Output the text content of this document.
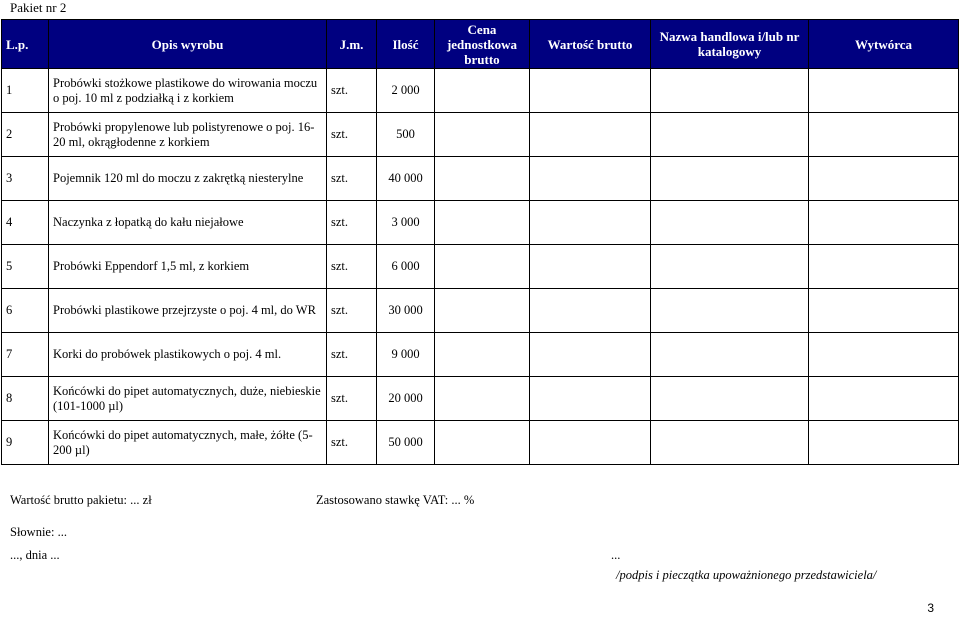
Pakiet nr 2
L.p.	Opis wyrobu	J.m.	Ilość	Cena jednostkowa brutto	Wartość brutto	Nazwa handlowa i/lub nr katalogowy	Wytwórca
1	Probówki stożkowe plastikowe do wirowania moczu o poj. 10 ml z podziałką i z korkiem	szt.	2 000				
2	Probówki propylenowe lub polistyrenowe o poj. 16-20 ml, okrągłodenne z korkiem	szt.	500				
3	Pojemnik 120 ml do moczu z zakrętką niesterylne	szt.	40 000				
4	Naczynka z łopatką do kału niejałowe	szt.	3 000				
5	Probówki Eppendorf 1,5 ml, z korkiem	szt.	6 000				
6	Probówki plastikowe przejrzyste o poj. 4 ml, do WR	szt.	30 000				
7	Korki do probówek plastikowych o poj. 4 ml.	szt.	9 000				
8	Końcówki do pipet automatycznych, duże, niebieskie (101-1000 µl)	szt.	20 000				
9	Końcówki do pipet automatycznych, małe, żółte (5-200 µl)	szt.	50 000				
Wartość brutto pakietu: ... zł	Zastosowano stawkę VAT: ... %
Słownie: ...
..., dnia ...	...
/podpis i pieczątka upoważnionego przedstawiciela/
3
